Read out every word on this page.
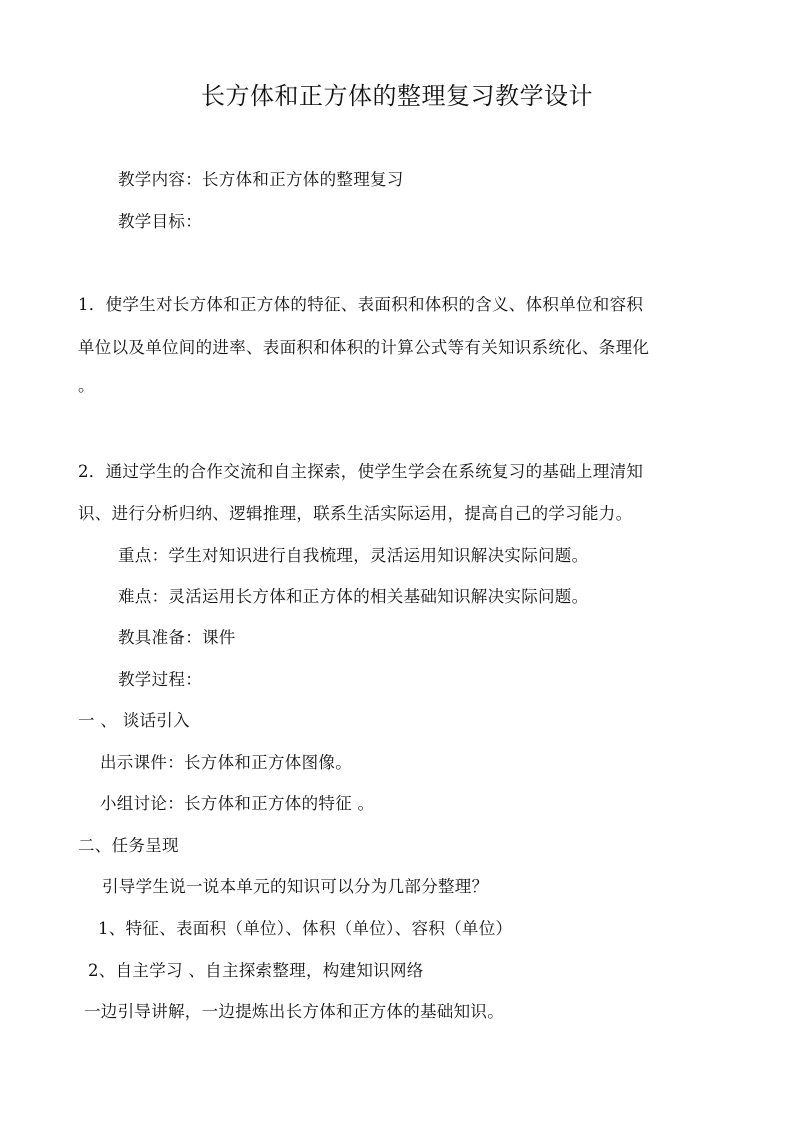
长方体和正方体的整理复习教学设计
教学内容：长方体和正方体的整理复习
教学目标：
1．使学生对长方体和正方体的特征、表面积和体积的含义、体积单位和容积
单位以及单位间的进率、表面积和体积的计算公式等有关知识系统化、条理化
。
2．通过学生的合作交流和自主探索，使学生学会在系统复习的基础上理清知
识、进行分析归纳、逻辑推理，联系生活实际运用，提高自己的学习能力。
重点：学生对知识进行自我梳理，灵活运用知识解决实际问题。
难点：灵活运用长方体和正方体的相关基础知识解决实际问题。
教具准备：课件
教学过程：
一 、 谈话引入
出示课件：长方体和正方体图像。
小组讨论：长方体和正方体的特征 。
二、任务呈现
引导学生说一说本单元的知识可以分为几部分整理？
1、特征、表面积（单位）、体积（单位）、容积（单位）
2、自主学习 、自主探索整理，构建知识网络
一边引导讲解，一边提炼出长方体和正方体的基础知识。
